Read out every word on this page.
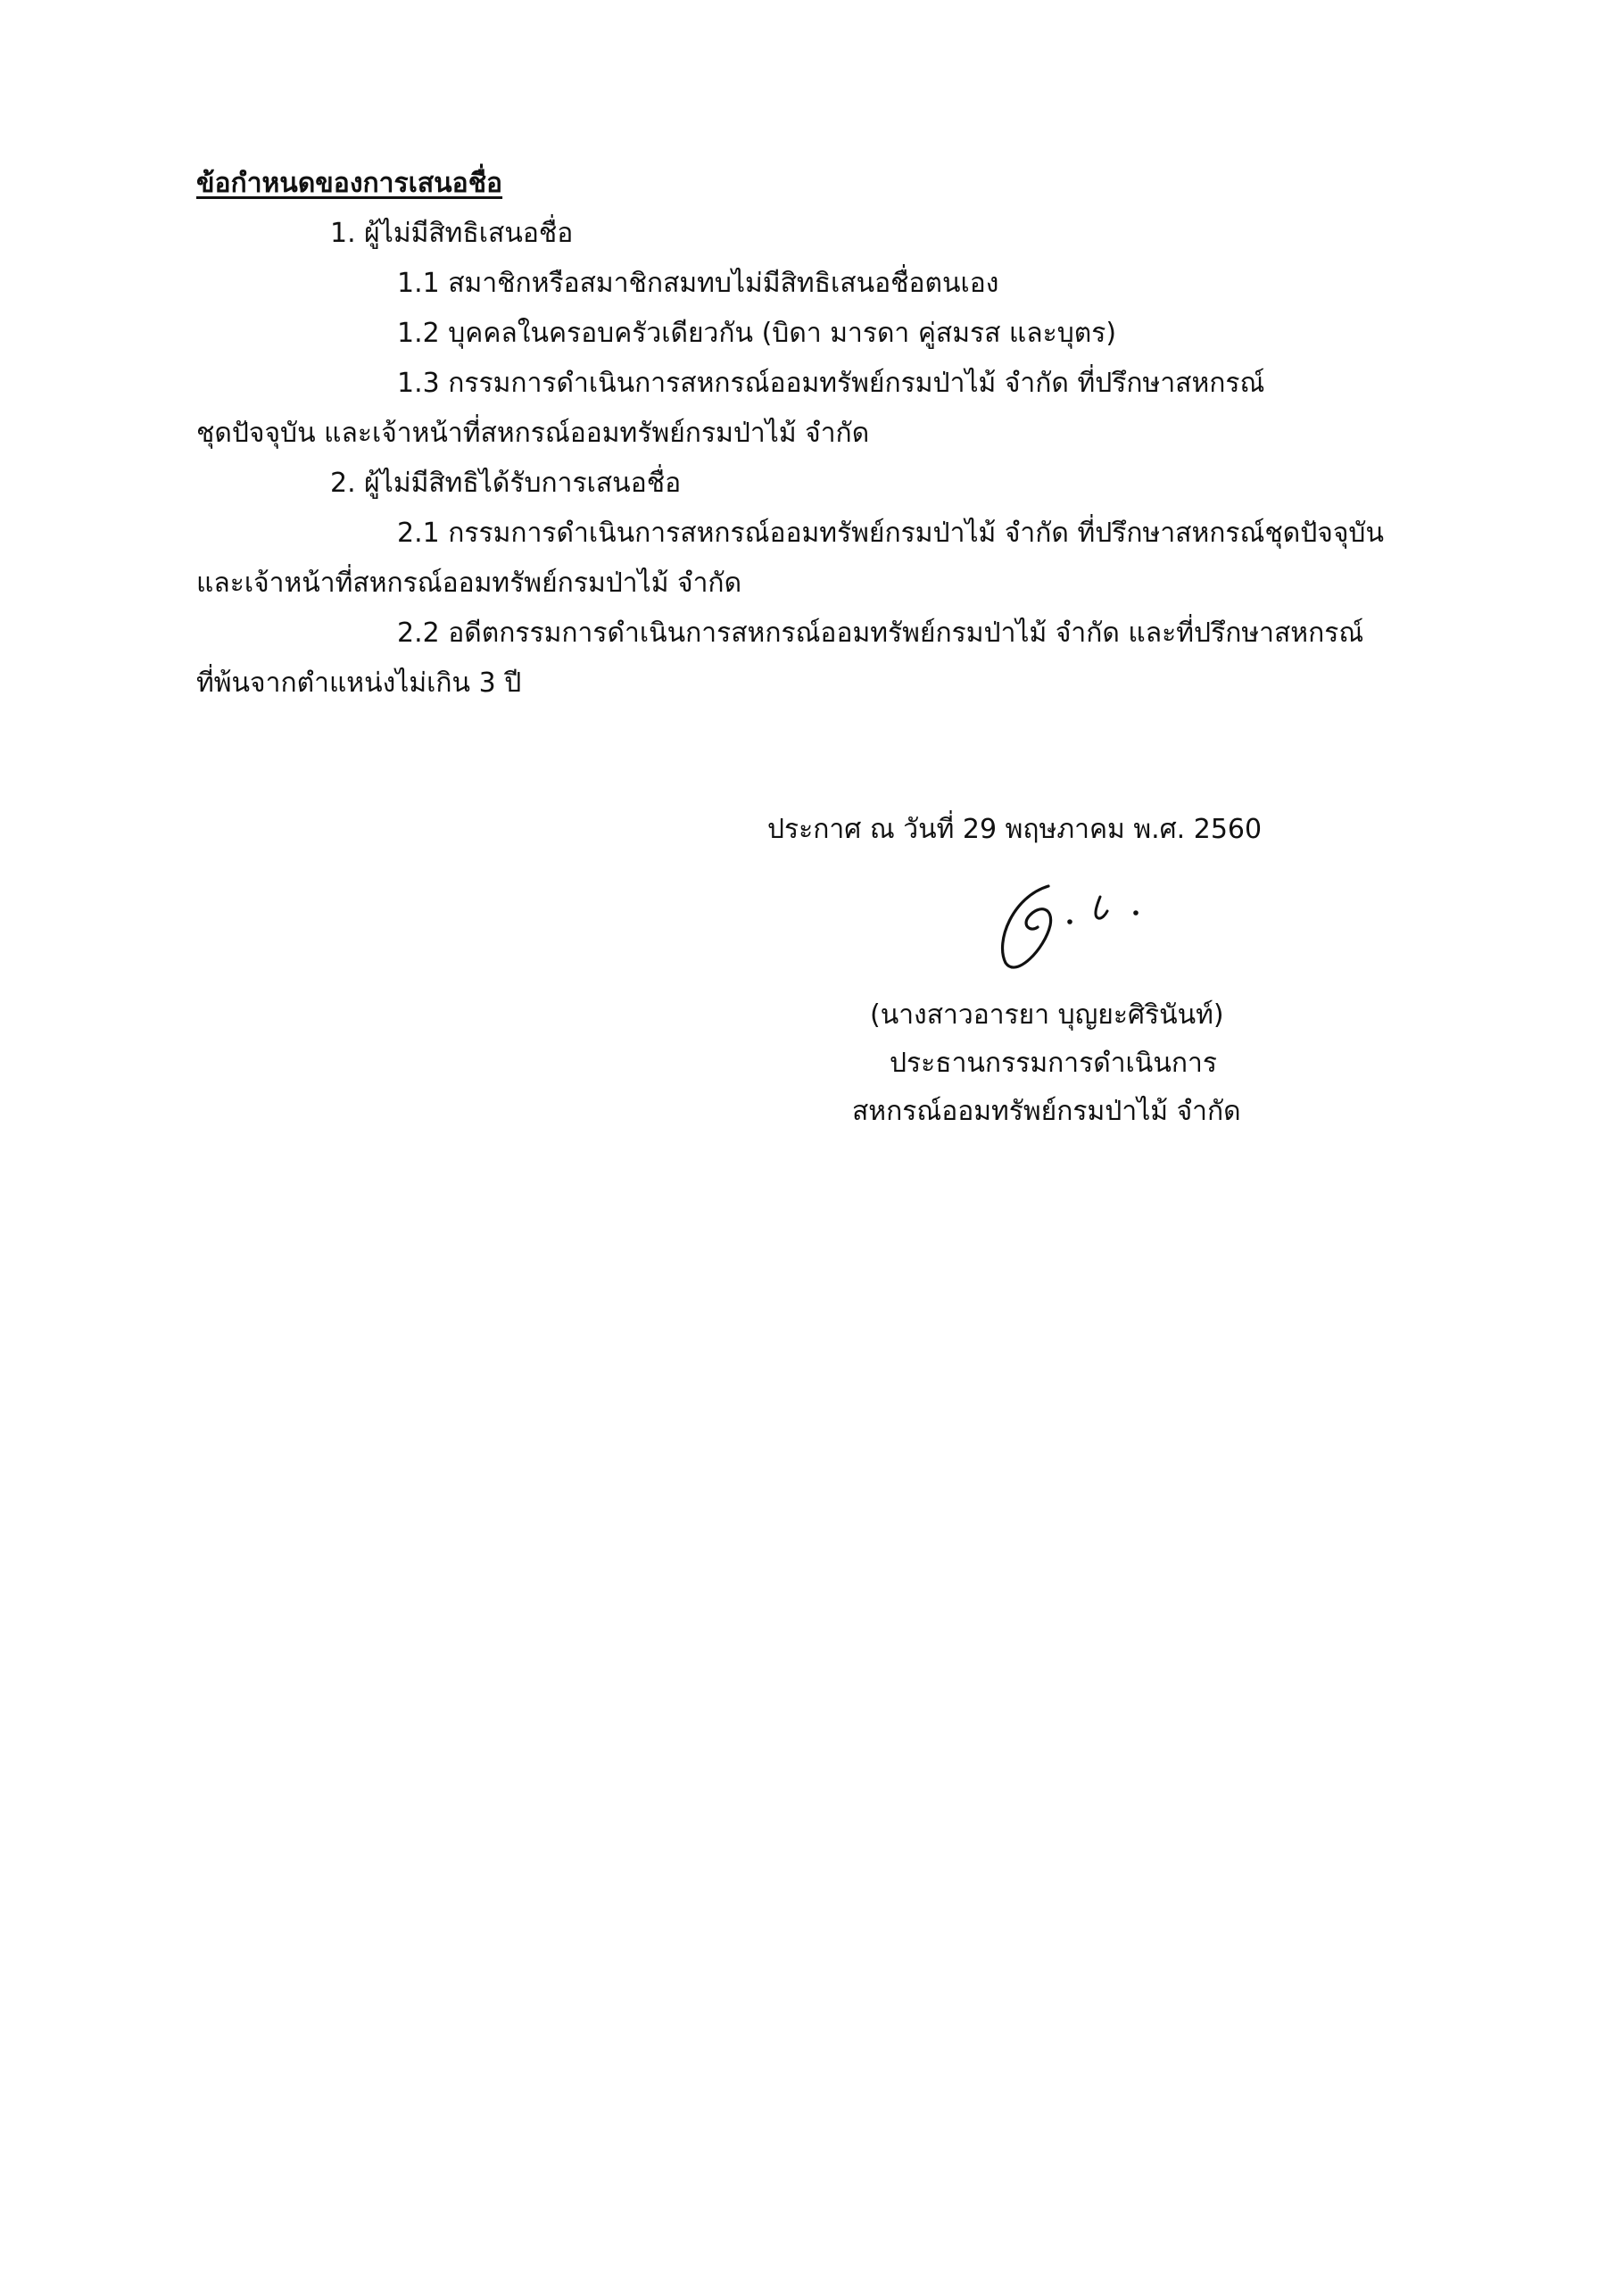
ข้อกำหนดของการเสนอชื่อ
1. ผู้ไม่มีสิทธิเสนอชื่อ
1.1 สมาชิกหรือสมาชิกสมทบไม่มีสิทธิเสนอชื่อตนเอง
1.2 บุคคลในครอบครัวเดียวกัน (บิดา มารดา คู่สมรส และบุตร)
1.3 กรรมการดำเนินการสหกรณ์ออมทรัพย์กรมป่าไม้ จำกัด ที่ปรึกษาสหกรณ์
ชุดปัจจุบัน และเจ้าหน้าที่สหกรณ์ออมทรัพย์กรมป่าไม้ จำกัด
2. ผู้ไม่มีสิทธิได้รับการเสนอชื่อ
2.1 กรรมการดำเนินการสหกรณ์ออมทรัพย์กรมป่าไม้ จำกัด ที่ปรึกษาสหกรณ์ชุดปัจจุบัน
และเจ้าหน้าที่สหกรณ์ออมทรัพย์กรมป่าไม้ จำกัด
2.2 อดีตกรรมการดำเนินการสหกรณ์ออมทรัพย์กรมป่าไม้ จำกัด และที่ปรึกษาสหกรณ์
ที่พ้นจากตำแหน่งไม่เกิน 3 ปี
ประกาศ ณ วันที่ 29 พฤษภาคม พ.ศ. 2560
(นางสาวอารยา บุญยะศิรินันท์)
ประธานกรรมการดำเนินการ
สหกรณ์ออมทรัพย์กรมป่าไม้ จำกัด
